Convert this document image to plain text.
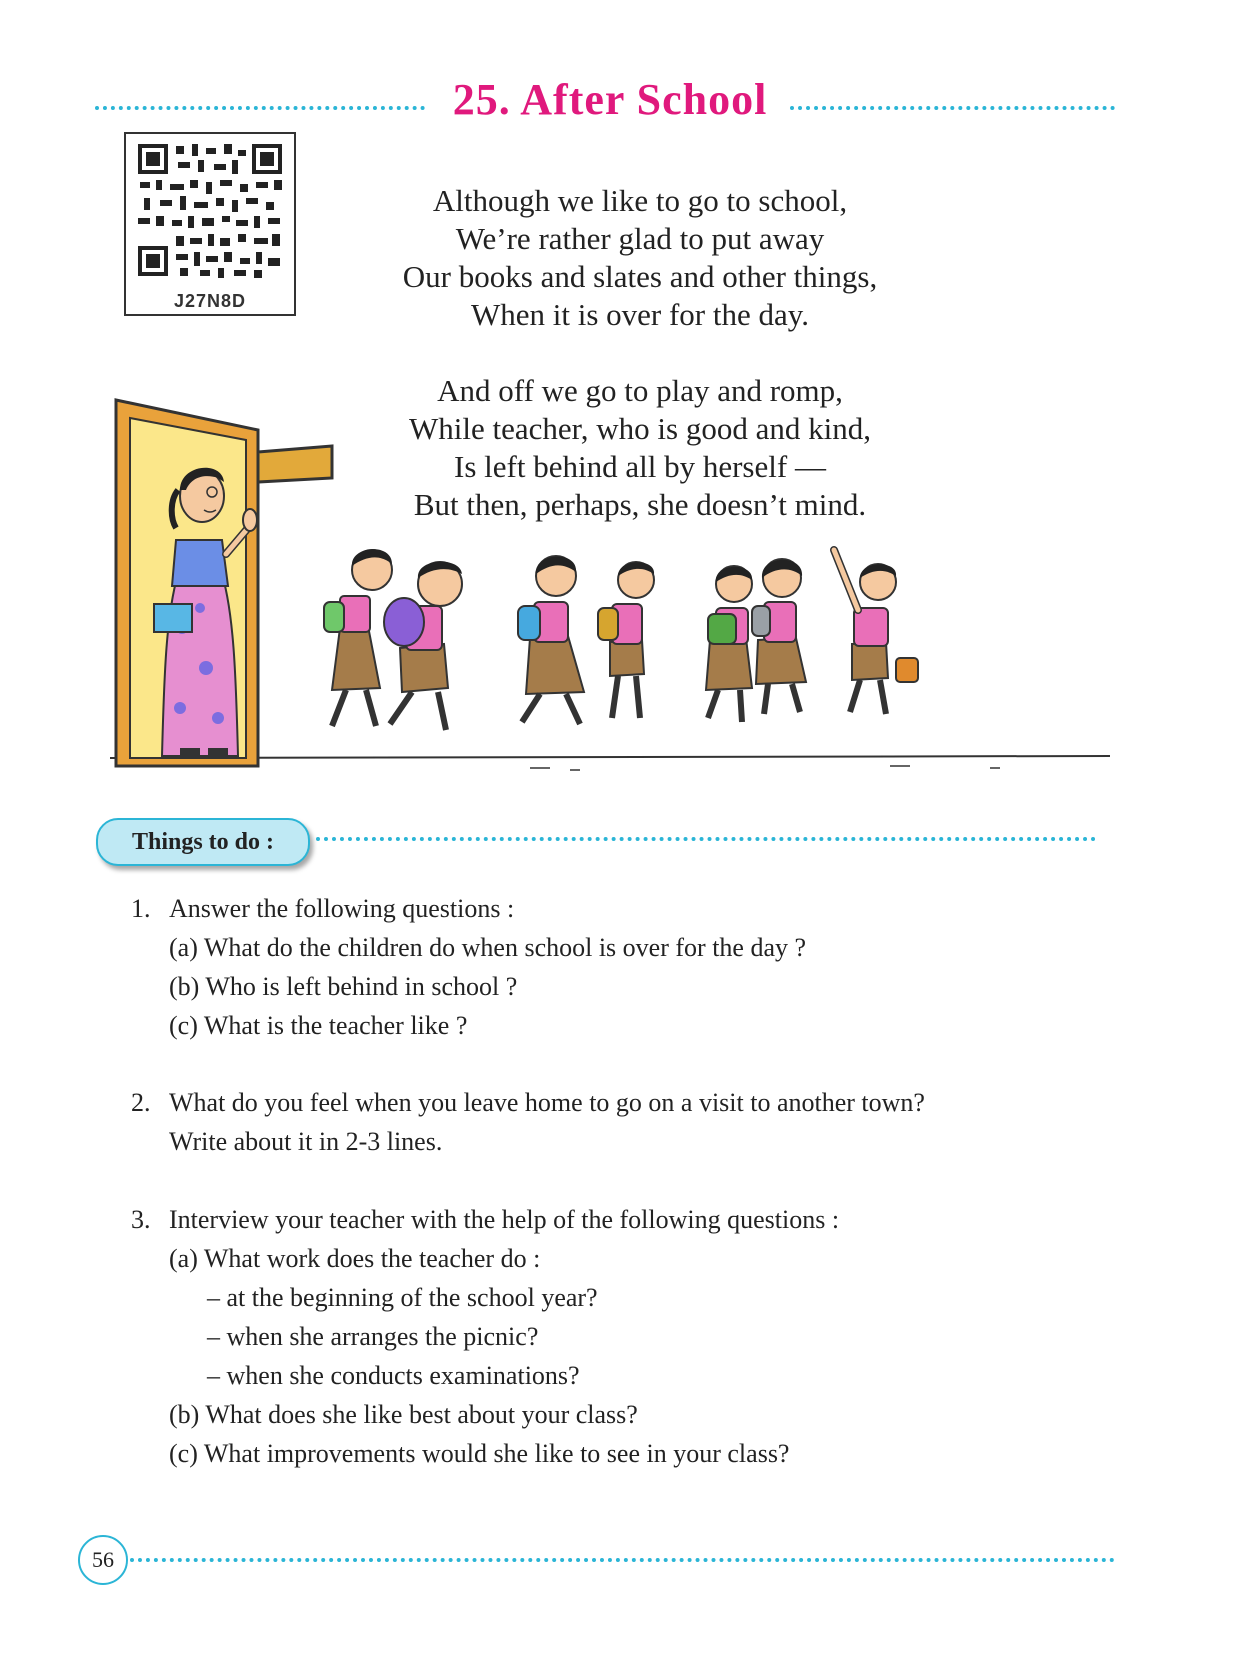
25. After School
J27N8D
Although we like to go to school,
We’re rather glad to put away
Our books and slates and other things,
When it is over for the day.
And off we go to play and romp,
While teacher, who is good and kind,
Is left behind all by herself —
But then, perhaps, she doesn’t mind.
Things to do :
1. Answer the following questions :
(a) What do the children do when school is over for the day ?
(b) Who is left behind in school ?
(c) What is the teacher like ?
2. What do you feel when you leave home to go on a visit to another town?
Write about it in 2-3 lines.
3. Interview your teacher with the help of the following questions :
(a) What work does the teacher do :
– at the beginning of the school year?
– when she arranges the picnic?
– when she conducts examinations?
(b) What does she like best about your class?
(c) What improvements would she like to see in your class?
56
